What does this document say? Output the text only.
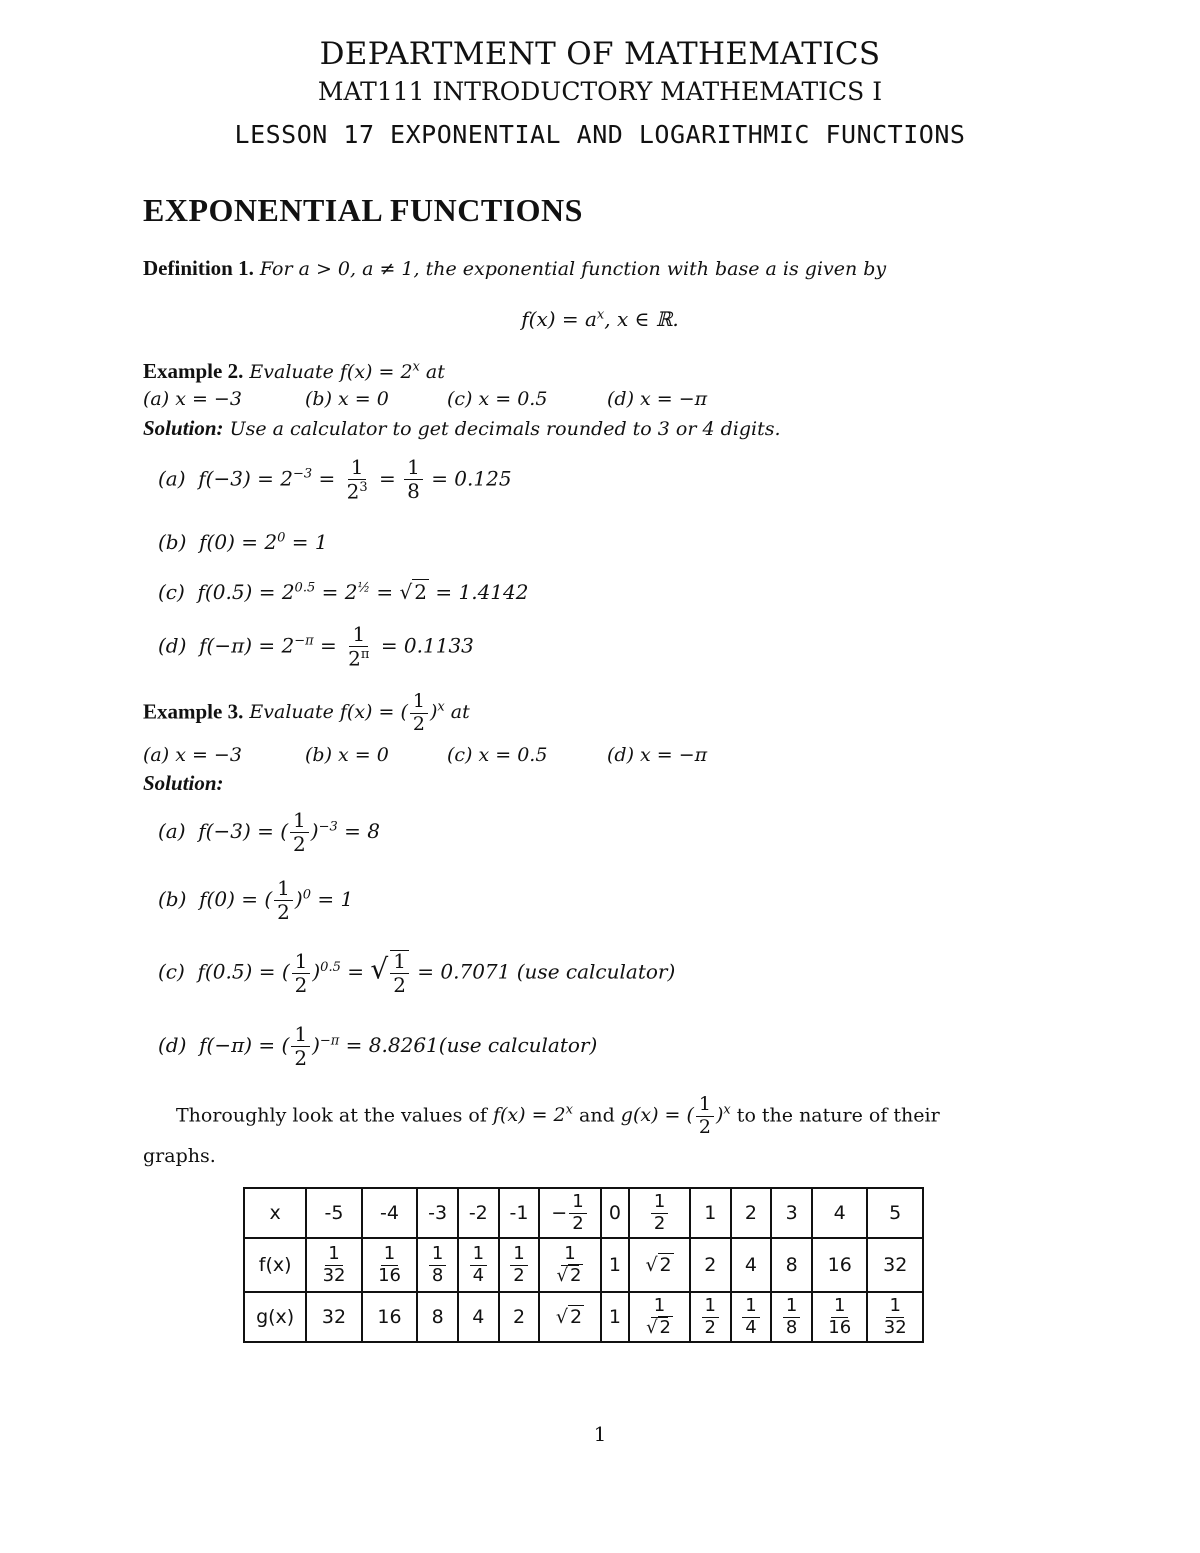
DEPARTMENT OF MATHEMATICS
MAT111 INTRODUCTORY MATHEMATICS I
LESSON 17 EXPONENTIAL AND LOGARITHMIC FUNCTIONS
EXPONENTIAL FUNCTIONS
Definition 1. For a > 0, a ≠ 1, the exponential function with base a is given by
$f(x) = a^x$, x ∈ ℝ.
Example 2. Evaluate $f(x) = 2^x$ at
(a) x = −3	(b) x = 0	(c) x = 0.5	(d) x = −π
Solution: Use a calculator to get decimals rounded to 3 or 4 digits.
(a) $f(-3) = 2^{-3} = \frac{1}{2^3} = \frac{1}{8} = 0.125$
(b) $f(0) = 2^0 = 1$
(c) $f(0.5) = 2^{0.5} = 2^{\frac{1}{2}}$ = √ 2 = 1.4142
(d) $f(-\pi) = 2^{-\pi} = \frac{1}{2^\pi} = 0.1133$
Example 3. Evaluate f(x) = ( $\frac{1}{2} )^x$ at
(a) x = −3	(b) x = 0	(c) x = 0.5	(d) x = −π
Solution:
(a) f(−3) = ( $\frac{1}{2} )^{-3} = 8$
(b) f(0) = ( $\frac{1}{2} )^0 = 1$
(c) f(0.5) = ( $\frac{1}{2} )^{0.5}$ = √ $\frac{1}{2} = 0.7071$ (use calculator)
(d) f(−π) = ( $\frac{1}{2} )^{-\pi} = 8.8261(use$ calculator)
Thoroughly look at the values of $f(x) = 2^x$ and g(x) = ( $\frac{1}{2} )^x$ to the nature of their
graphs.
x	-5	-4	-3	-2	-1	− $\frac{1}{2}$	0	$\frac{1}{2}$	1	2	3	4	5
f(x)	$\frac{1}{32}$	$\frac{1}{16}$	$\frac{1}{8}$	$\frac{1}{4}$	$\frac{1}{2}$	$\frac{1}{√ 2}$	1	√ 2	2	4	8	16	32
g(x)	32	16	8	4	2	√ 2	1	$\frac{1}{√ 2}$	$\frac{1}{2}$	$\frac{1}{4}$	$\frac{1}{8}$	$\frac{1}{16}$	$\frac{1}{32}$
1
